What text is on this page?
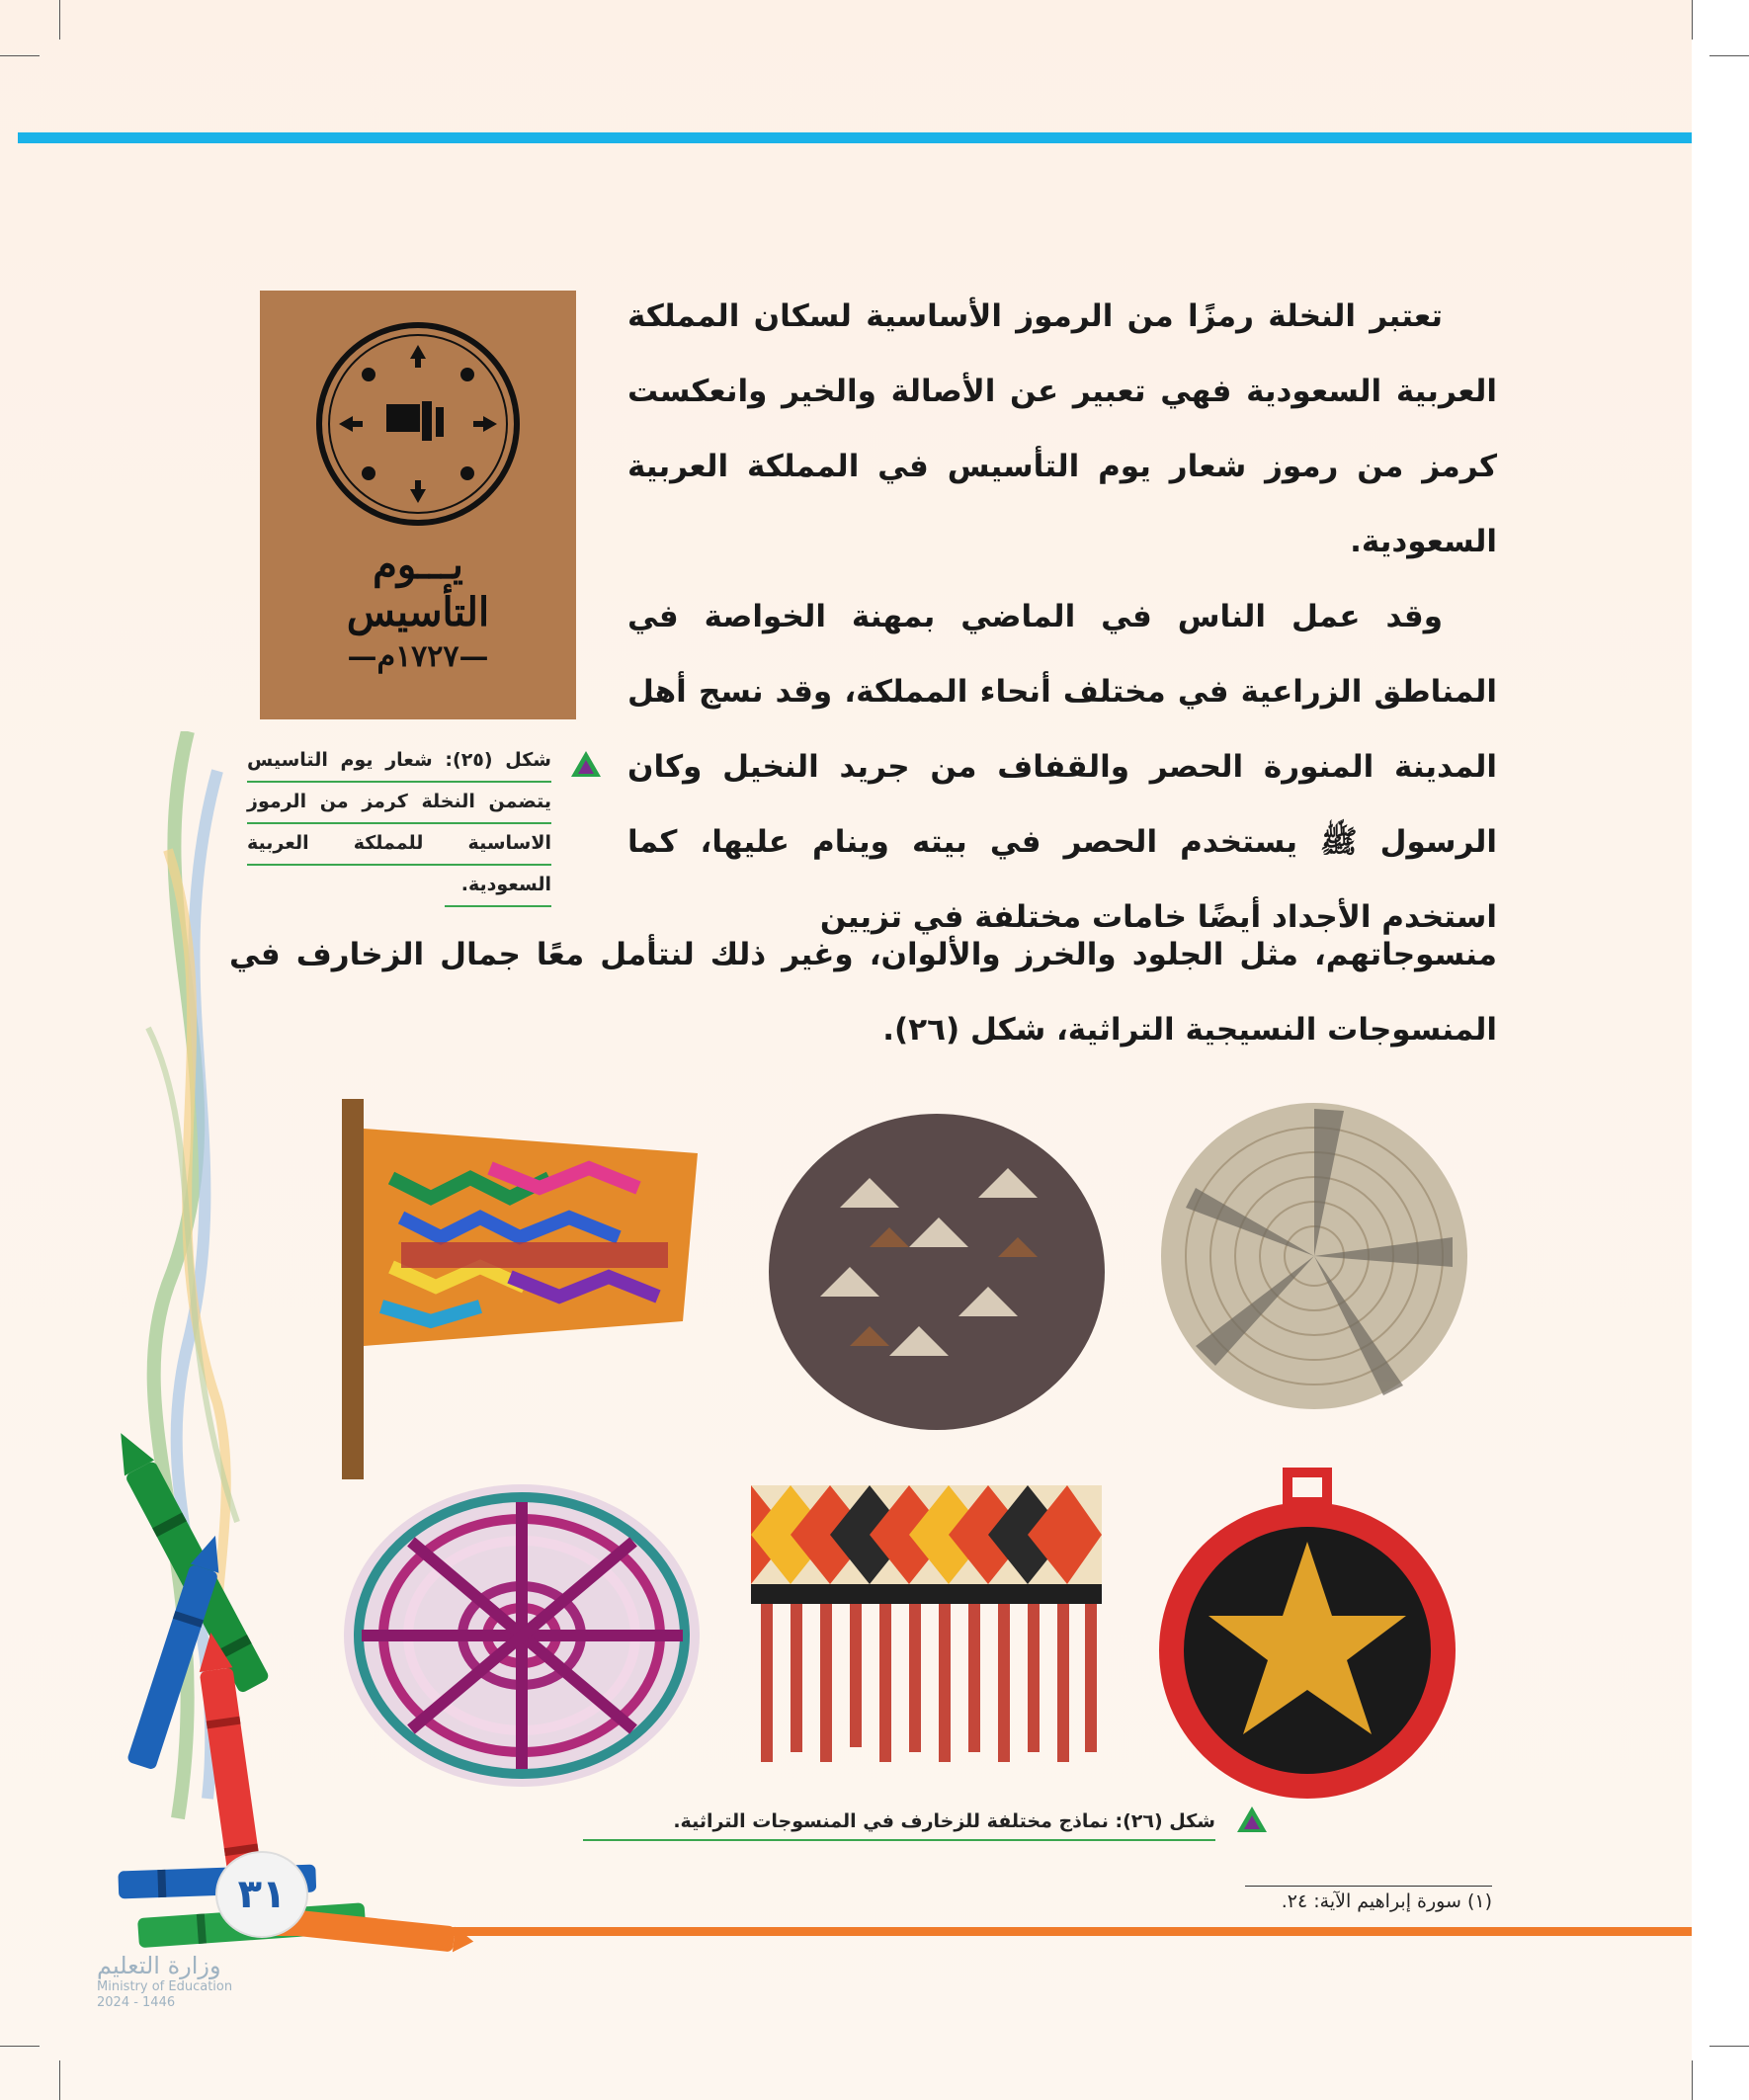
يـــوم
التأسيس
—١٧٢٧م—
شكل (٢٥): شعار يوم التاسيس
يتضمن النخلة كرمز من الرموز
الاساسية للمملكة العربية
السعودية.

تعتبر النخلة رمزًا من الرموز الأساسية لسكان المملكة العربية السعودية فهي تعبير عن الأصالة والخير وانعكست كرمز من رموز شعار يوم التأسيس في المملكة العربية السعودية.

وقد عمل الناس في الماضي بمهنة الخواصة في المناطق الزراعية في مختلف أنحاء المملكة، وقد نسج أهل المدينة المنورة الحصر والقفاف من جريد النخيل وكان الرسول ﷺ يستخدم الحصر في بيته وينام عليها، كما استخدم الأجداد أيضًا خامات مختلفة في تزيين

منسوجاتهم، مثل الجلود والخرز والألوان، وغير ذلك لنتأمل معًا جمال الزخارف في المنسوجات النسيجية التراثية، شكل (٢٦).

شكل (٢٦): نماذج مختلفة للزخارف في المنسوجات التراثية.
(١) سورة إبراهيم الآية: ٢٤.
٣١
وزارة التعليم
Ministry of Education
2024 - 1446
